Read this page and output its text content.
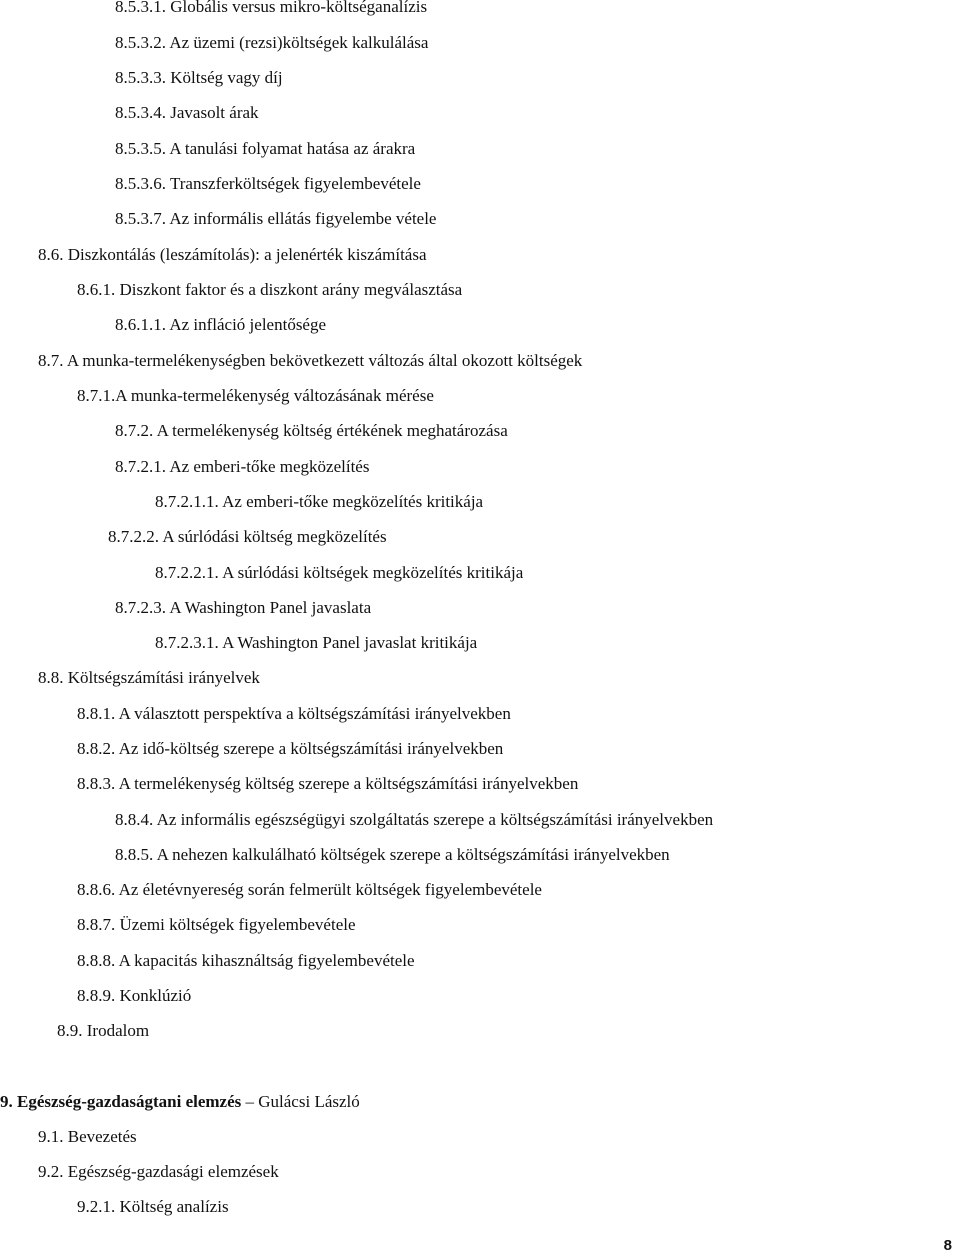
8.5.3.1. Globális versus mikro-költséganalízis
8.5.3.2. Az üzemi (rezsi)költségek kalkulálása
8.5.3.3. Költség vagy díj
8.5.3.4. Javasolt árak
8.5.3.5. A tanulási folyamat hatása az árakra
8.5.3.6. Transzferköltségek figyelembevétele
8.5.3.7. Az informális ellátás figyelembe vétele
8.6. Diszkontálás (leszámítolás): a jelenérték kiszámítása
8.6.1. Diszkont faktor és a diszkont arány megválasztása
8.6.1.1. Az infláció jelentősége
8.7. A munka-termelékenységben bekövetkezett változás által okozott költségek
8.7.1.A munka-termelékenység változásának mérése
8.7.2. A termelékenység költség értékének meghatározása
8.7.2.1. Az emberi-tőke megközelítés
8.7.2.1.1. Az emberi-tőke megközelítés kritikája
8.7.2.2. A súrlódási költség megközelítés
8.7.2.2.1. A súrlódási költségek megközelítés kritikája
8.7.2.3. A Washington Panel javaslata
8.7.2.3.1. A Washington Panel javaslat kritikája
8.8. Költségszámítási irányelvek
8.8.1. A választott perspektíva a költségszámítási irányelvekben
8.8.2. Az idő-költség szerepe a költségszámítási irányelvekben
8.8.3. A termelékenység költség szerepe a költségszámítási irányelvekben
8.8.4. Az informális egészségügyi szolgáltatás szerepe a költségszámítási irányelvekben
8.8.5. A nehezen kalkulálható költségek szerepe a költségszámítási irányelvekben
8.8.6. Az életévnyereség során felmerült költségek figyelembevétele
8.8.7. Üzemi költségek figyelembevétele
8.8.8. A kapacitás kihasználtság figyelembevétele
8.8.9. Konklúzió
8.9. Irodalom
9. Egészség-gazdaságtani elemzés – Gulácsi László
9.1. Bevezetés
9.2. Egészség-gazdasági elemzések
9.2.1. Költség analízis
8
